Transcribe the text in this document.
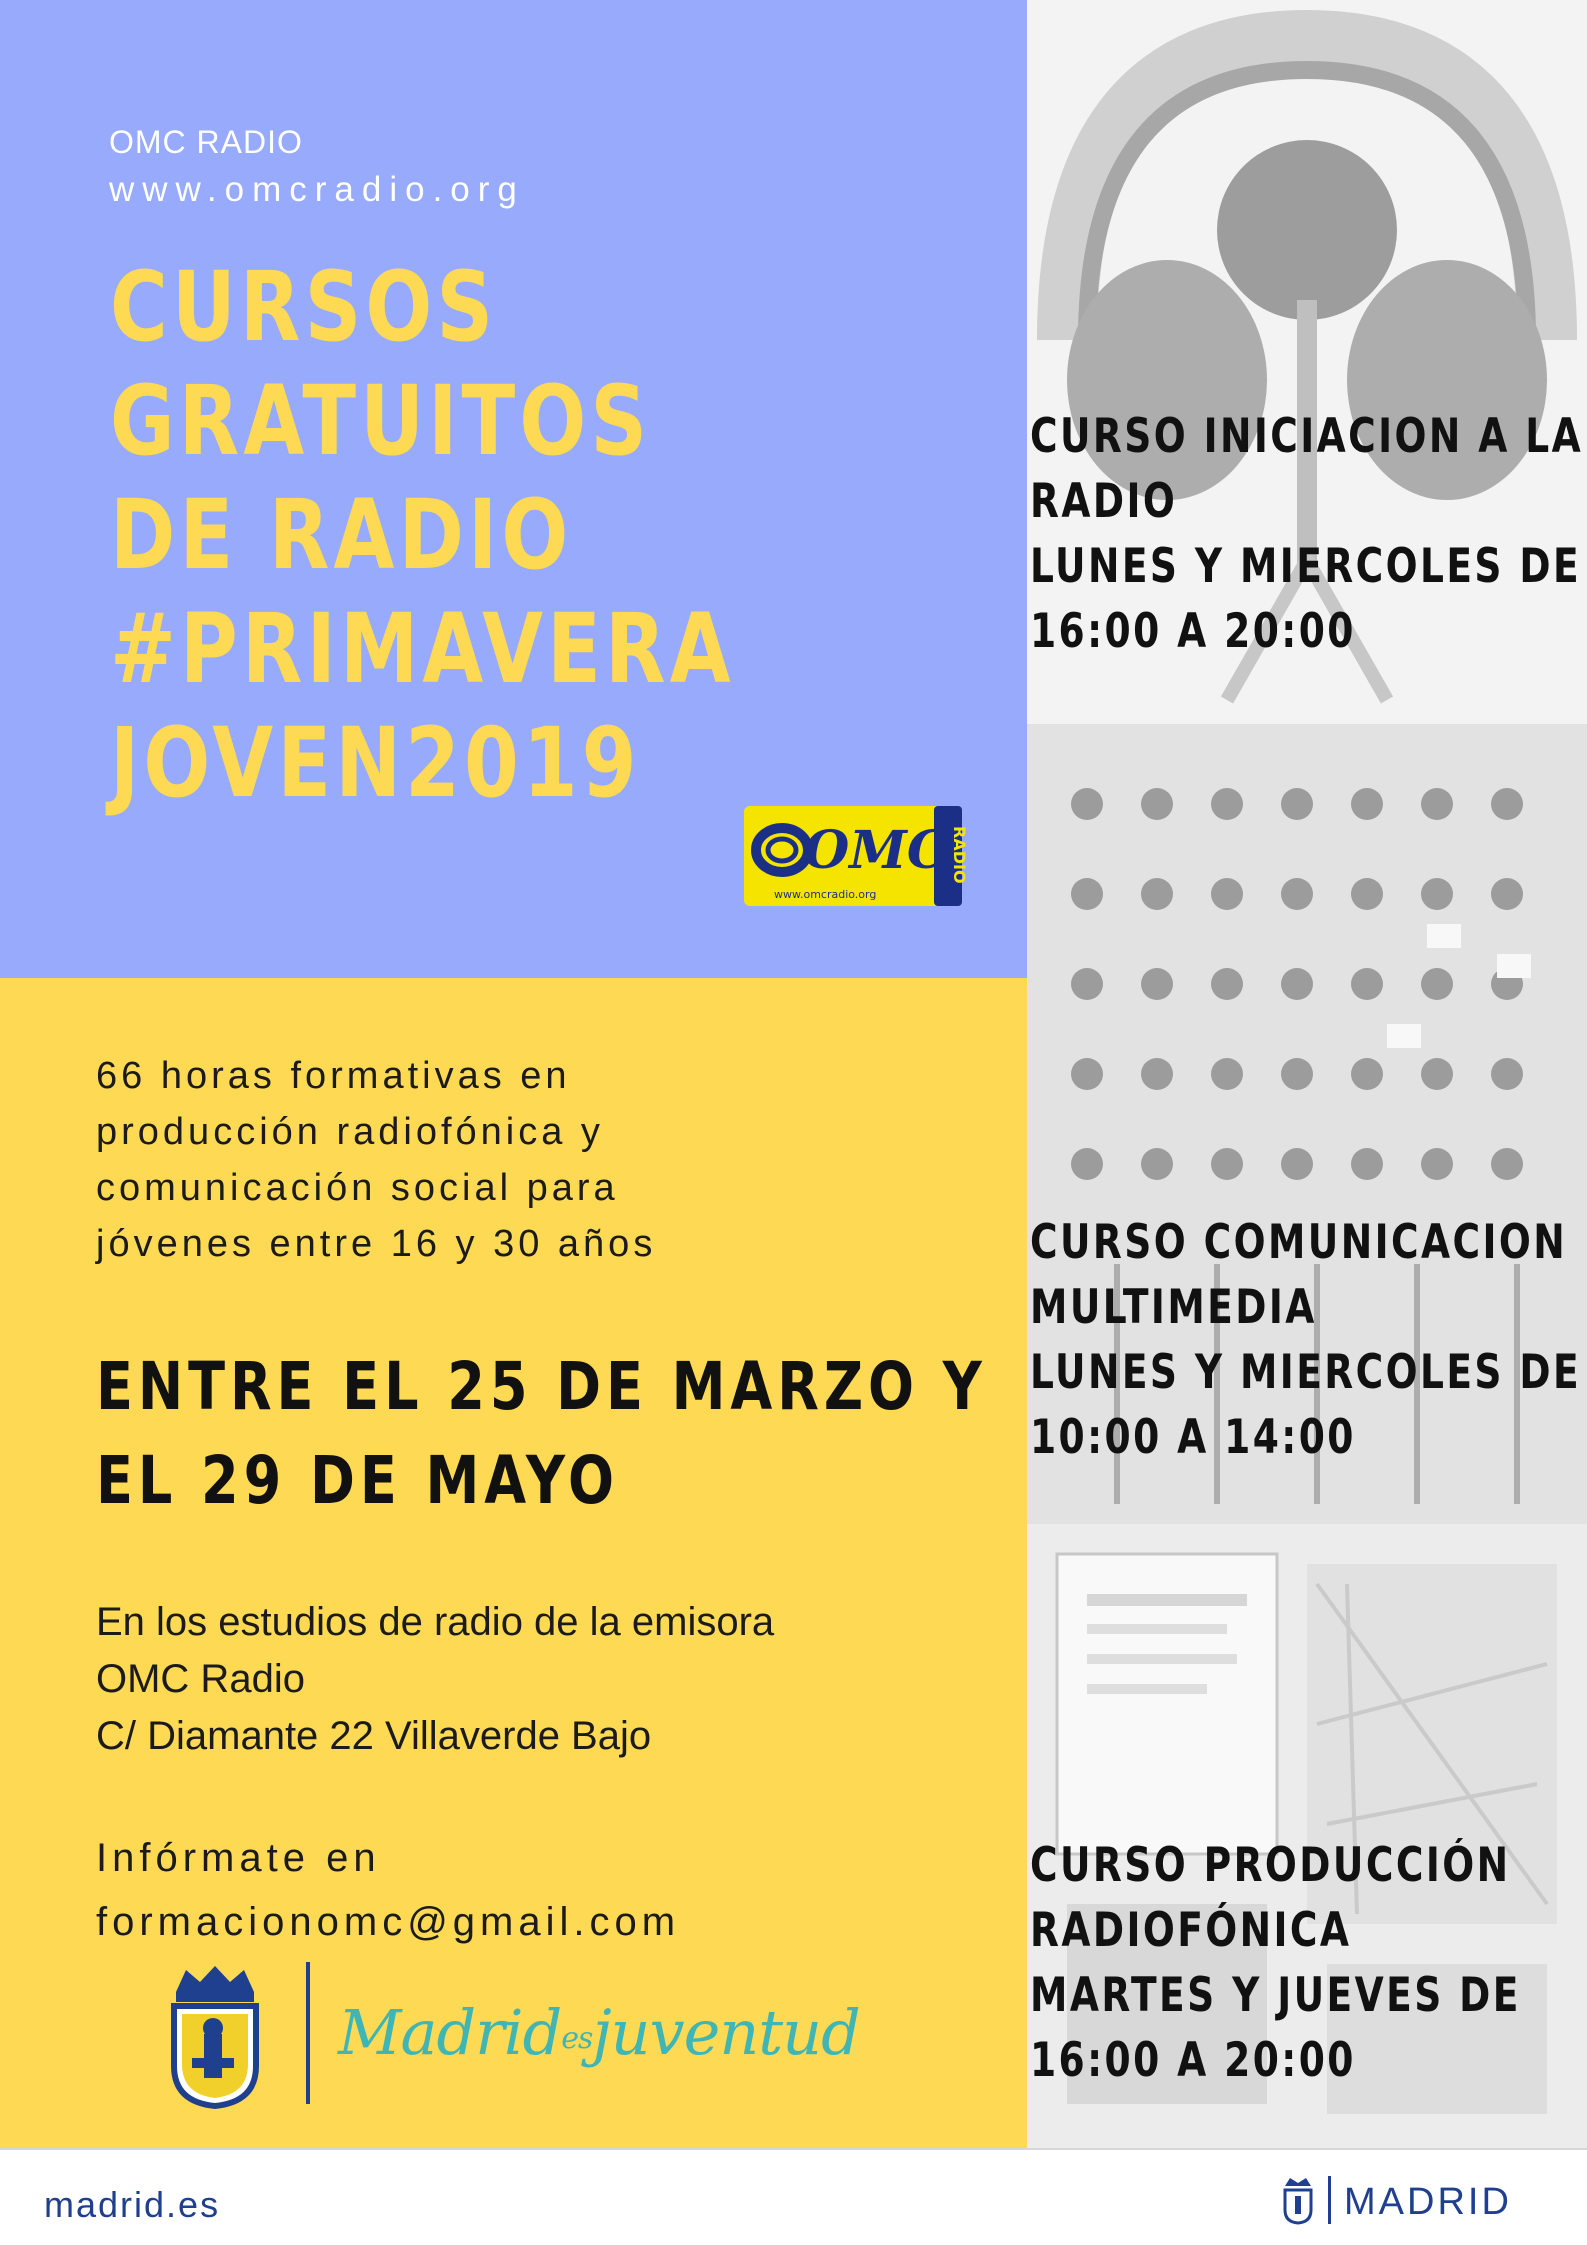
OMC RADIO
www.omcradio.org
CURSOS
GRATUITOS
DE RADIO
#PRIMAVERA
JOVEN2019
OMC
www.omcradio.org
RADIO
66 horas formativas en
producción radiofónica y
comunicación social para
jóvenes entre 16 y 30 años
ENTRE EL 25 DE MARZO Y
EL 29 DE MAYO
En los estudios de radio de la emisora
OMC Radio
C/ Diamante 22 Villaverde Bajo
Infórmate en
formacionomc@gmail.com
Madridesjuventud
CURSO INICIACION A LA
RADIO
LUNES Y MIERCOLES DE
16:00 A 20:00
CURSO COMUNICACION
MULTIMEDIA
LUNES Y MIERCOLES DE
10:00 A 14:00
CURSO PRODUCCIÓN
RADIOFÓNICA
MARTES Y JUEVES DE
16:00 A 20:00
madrid.es	MADRID
